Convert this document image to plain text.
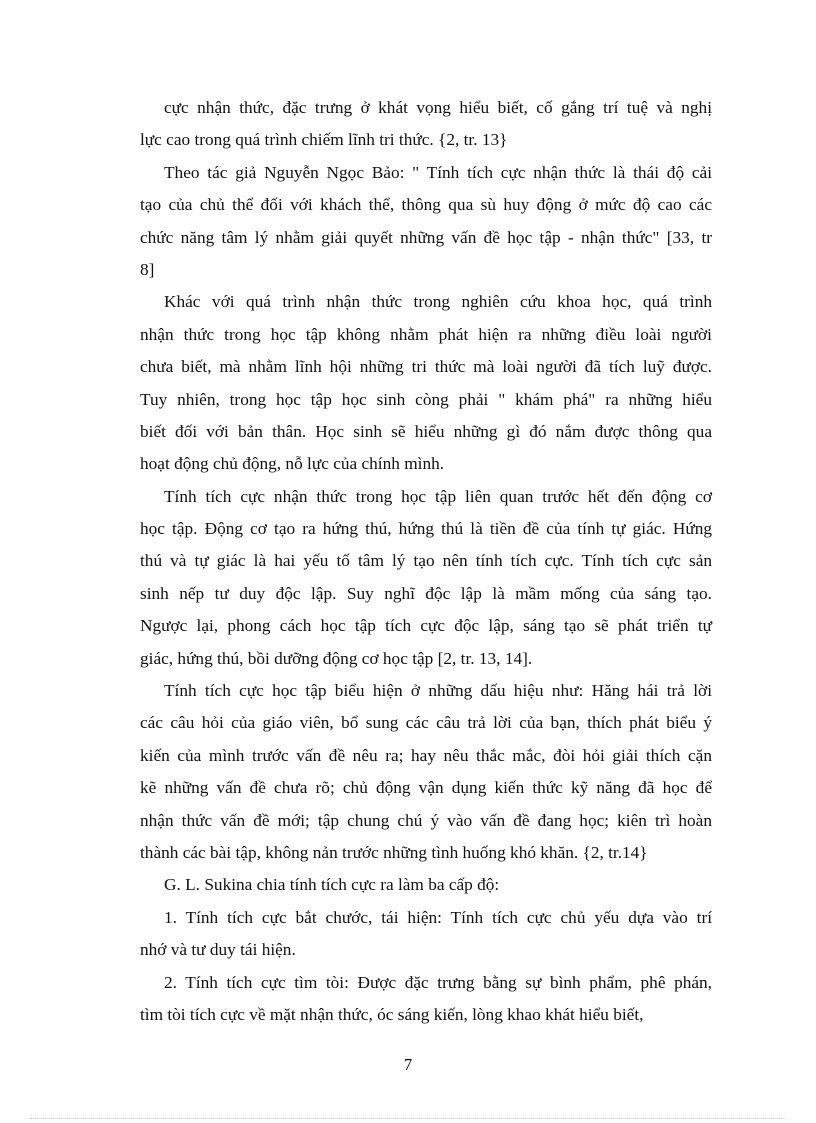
cực nhận thức, đặc trưng ở khát vọng hiểu biết, cố gắng trí tuệ và nghị
lực cao trong quá trình chiếm lĩnh tri thức. {2, tr. 13}
Theo tác giả Nguyễn Ngọc Bảo: " Tính tích cực nhận thức là thái độ cải
tạo của chủ thể đối với khách thể, thông qua sù huy động ở mức độ cao các
chức năng tâm lý nhằm giải quyết những vấn đề học tập - nhận thức" [33, tr
8]
Khác với quá trình nhận thức trong nghiên cứu khoa học, quá trình
nhận thức trong học tập không nhằm phát hiện ra những điều loài người
chưa biết, mà nhằm lĩnh hội những tri thức mà loài người đã tích luỹ được.
Tuy nhiên, trong học tập học sinh còng phải " khám phá" ra những hiểu
biết đối với bản thân. Học sinh sẽ hiểu những gì đó nắm được thông qua
hoạt động chủ động, nỗ lực của chính mình.
Tính tích cực nhận thức trong học tập liên quan trước hết đến động cơ
học tập. Động cơ tạo ra hứng thú, hứng thú là tiền đề của tính tự giác. Hứng
thú và tự giác là hai yếu tố tâm lý tạo nên tính tích cực. Tính tích cực sản
sinh nếp tư duy độc lập. Suy nghĩ độc lập là mầm mống của sáng tạo.
Ngược lại, phong cách học tập tích cực độc lập, sáng tạo sẽ phát triển tự
giác, hứng thú, bồi dưỡng động cơ học tập [2, tr. 13, 14].
Tính tích cực học tập biểu hiện ở những dấu hiệu như: Hăng hái trả lời
các câu hỏi của giáo viên, bổ sung các câu trả lời của bạn, thích phát biểu ý
kiến của mình trước vấn đề nêu ra; hay nêu thắc mắc, đòi hỏi giải thích cặn
kẽ những vấn đề chưa rõ; chủ động vận dụng kiến thức kỹ năng đã học để
nhận thức vấn đề mới; tập chung chú ý vào vấn đề đang học; kiên trì hoàn
thành các bài tập, không nản trước những tình huống khó khăn. {2, tr.14}
G. L. Sukina chia tính tích cực ra làm ba cấp độ:
1. Tính tích cực bắt chước, tái hiện: Tính tích cực chủ yếu dựa vào trí
nhớ và tư duy tái hiện.
2. Tính tích cực tìm tòi: Được đặc trưng bằng sự bình phẩm, phê phán,
tìm tòi tích cực về mặt nhận thức, óc sáng kiến, lòng khao khát hiểu biết,
7
